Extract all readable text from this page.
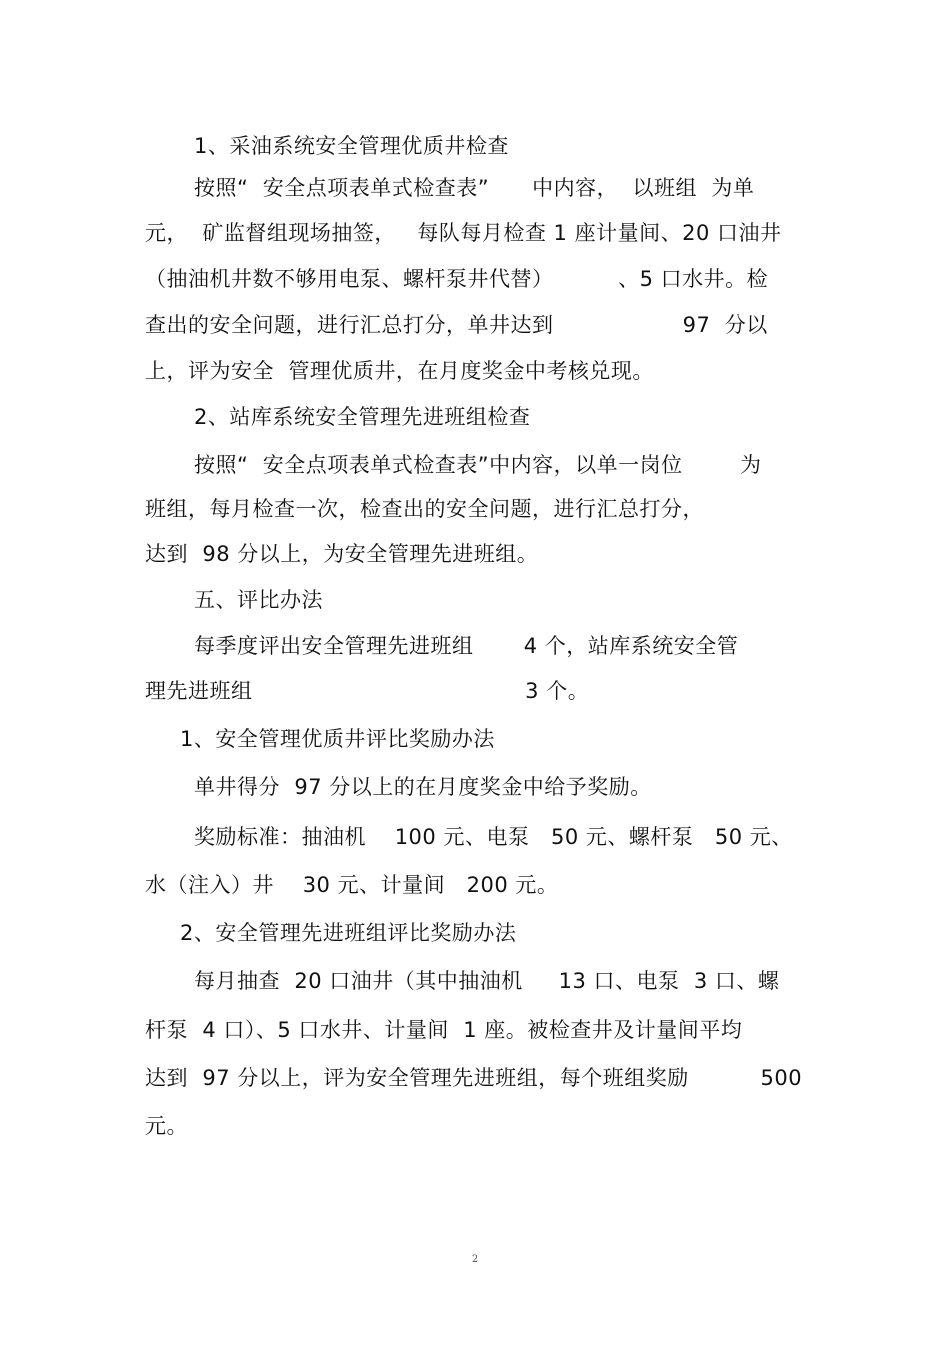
1、采油系统安全管理优质井检查
按照“  安全点项表单式检查表”      中内容，  以班组  为单
元，  矿监督组现场抽签，   每队每月检查 1 座计量间、20 口油井
（抽油机井数不够用电泵、螺杆泵井代替）         、5 口水井。检
查出的安全问题，进行汇总打分，单井达到                  97  分以
上，评为安全  管理优质井，在月度奖金中考核兑现。
2、站库系统安全管理先进班组检查
按照“  安全点项表单式检查表”中内容，以单一岗位        为
班组，每月检查一次，检查出的安全问题，进行汇总打分，
达到  98 分以上，为安全管理先进班组。
五、评比办法
每季度评出安全管理先进班组       4 个，站库系统安全管
理先进班组                                      3 个。
1、安全管理优质井评比奖励办法
单井得分  97 分以上的在月度奖金中给予奖励。
奖励标准：抽油机    100 元、电泵   50 元、螺杆泵   50 元、
水（注入）井    30 元、计量间   200 元。
2、安全管理先进班组评比奖励办法
每月抽查  20 口油井（其中抽油机     13 口、电泵  3 口、螺
杆泵  4 口）、5 口水井、计量间  1 座。被检查井及计量间平均
达到  97 分以上，评为安全管理先进班组，每个班组奖励          500
元。
2
